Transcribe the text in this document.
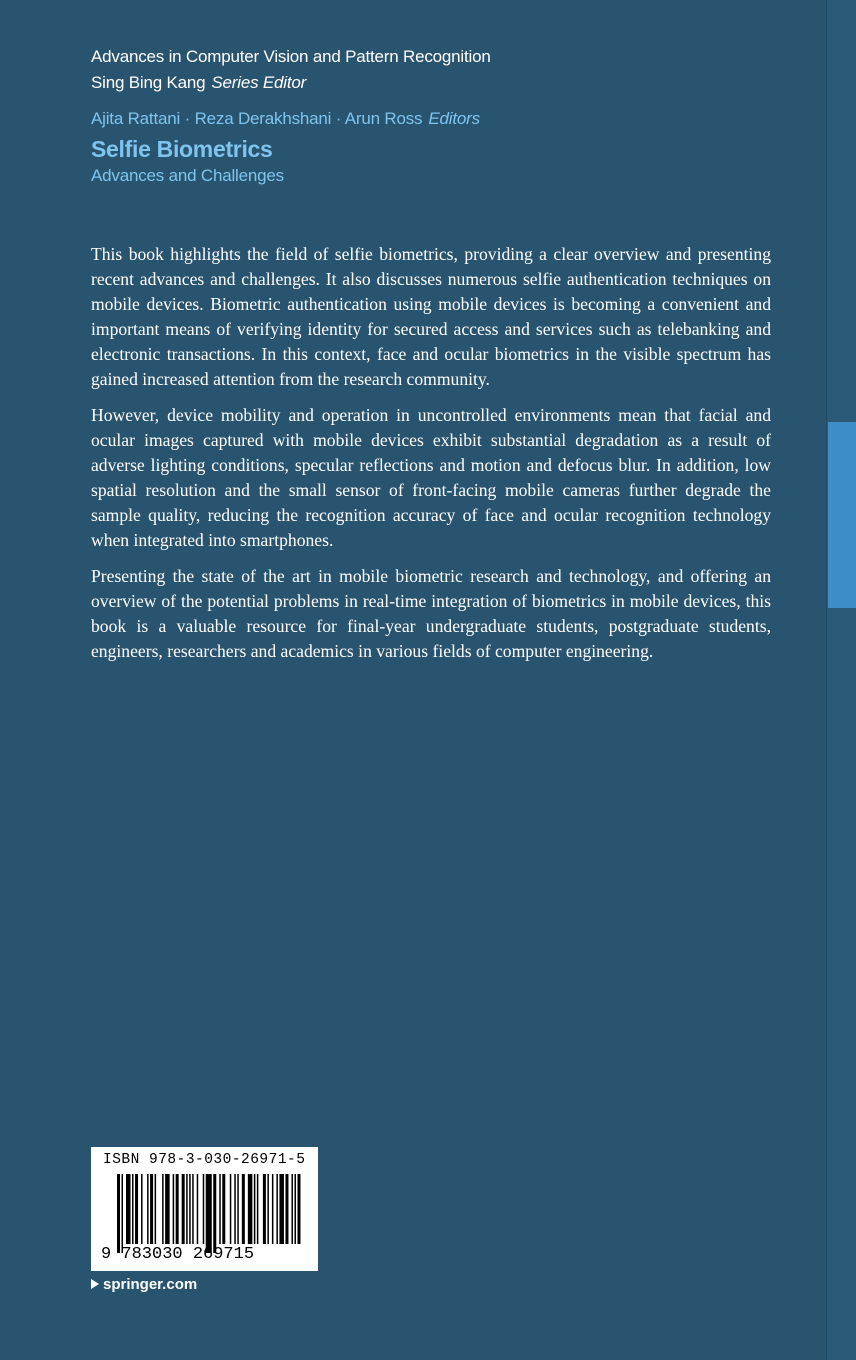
Advances in Computer Vision and Pattern Recognition
Sing Bing Kang Series Editor
Ajita Rattani · Reza Derakhshani · Arun Ross Editors
Selfie Biometrics
Advances and Challenges

This book highlights the field of selfie biometrics, providing a clear overview and presenting recent advances and challenges. It also discusses numerous selfie authentication techniques on mobile devices. Biometric authentication using mobile devices is becoming a convenient and important means of verifying identity for secured access and services such as telebanking and electronic transactions. In this context, face and ocular biometrics in the visible spectrum has gained increased attention from the research community.

However, device mobility and operation in uncontrolled environments mean that facial and ocular images captured with mobile devices exhibit substantial degradation as a result of adverse lighting conditions, specular reflections and motion and defocus blur. In addition, low spatial resolution and the small sensor of front-facing mobile cameras further degrade the sample quality, reducing the recognition accuracy of face and ocular recognition technology when integrated into smartphones.

Presenting the state of the art in mobile biometric research and technology, and offering an overview of the potential problems in real-time integration of biometrics in mobile devices, this book is a valuable resource for final-year undergraduate students, postgraduate students, engineers, researchers and academics in various fields of computer engineering.

ISBN 978-3-030-26971-5
9 783030 269715
springer.com
